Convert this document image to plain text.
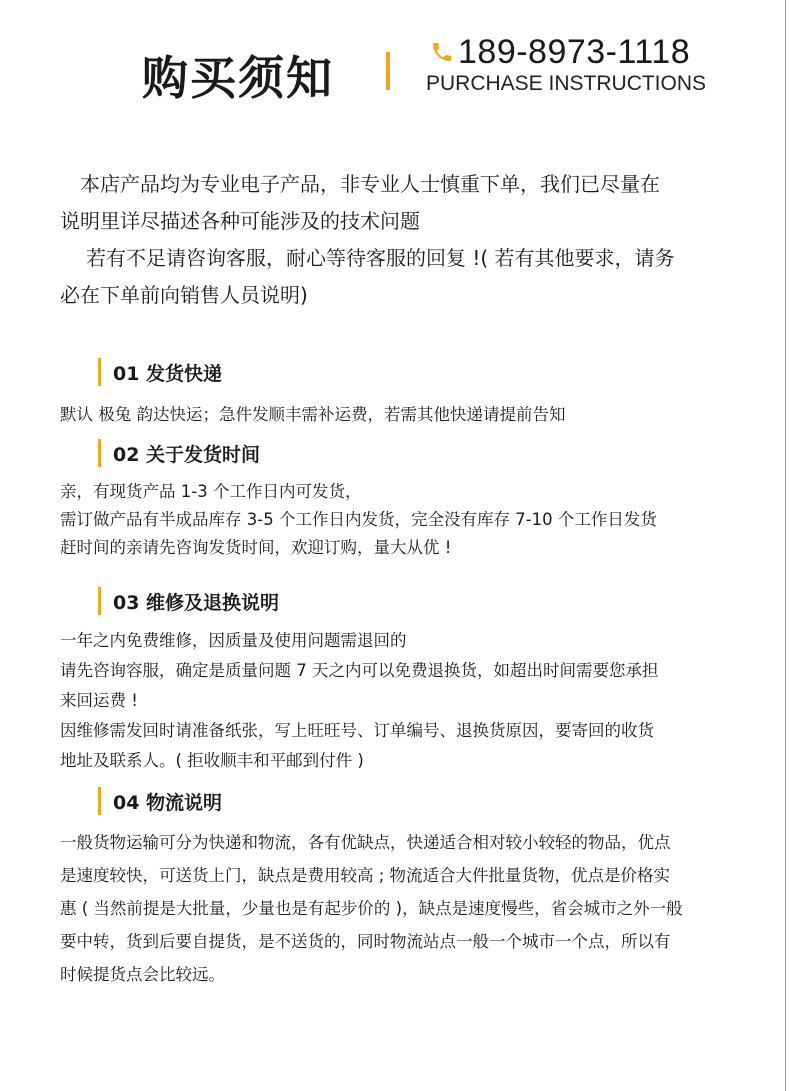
购买须知	189-8973-1118
PURCHASE INSTRUCTIONS

本店产品均为专业电子产品，非专业人士慎重下单，我们已尽量在

说明里详尽描述各种可能涉及的技术问题

若有不足请咨询客服，耐心等待客服的回复 !( 若有其他要求，请务

必在下单前向销售人员说明)

01 发货快递

默认 极兔 韵达快运；急件发顺丰需补运费，若需其他快递请提前告知

02 关于发货时间

亲，有现货产品 1-3 个工作日内可发货，

需订做产品有半成品库存 3-5 个工作日内发货，完全没有库存 7-10 个工作日发货

赶时间的亲请先咨询发货时间，欢迎订购，量大从优 !

03 维修及退换说明

一年之内免费维修，因质量及使用问题需退回的

请先咨询容服，确定是质量问题 7 天之内可以免费退换货，如超出时间需要您承担

来回运费 !

因维修需发回时请准备纸张，写上旺旺号、订单编号、退换货原因，要寄回的收货

地址及联系人。( 拒收顺丰和平邮到付件 )

04 物流说明

一般货物运输可分为快递和物流，各有优缺点，快递适合相对较小较轻的物品，优点

是速度较快，可送货上门，缺点是费用较高 ; 物流适合大件批量货物，优点是价格实

惠 ( 当然前提是大批量，少量也是有起步价的 )，缺点是速度慢些，省会城市之外一般

要中转，货到后要自提货，是不送货的，同时物流站点一般一个城市一个点，所以有

时候提货点会比较远。
